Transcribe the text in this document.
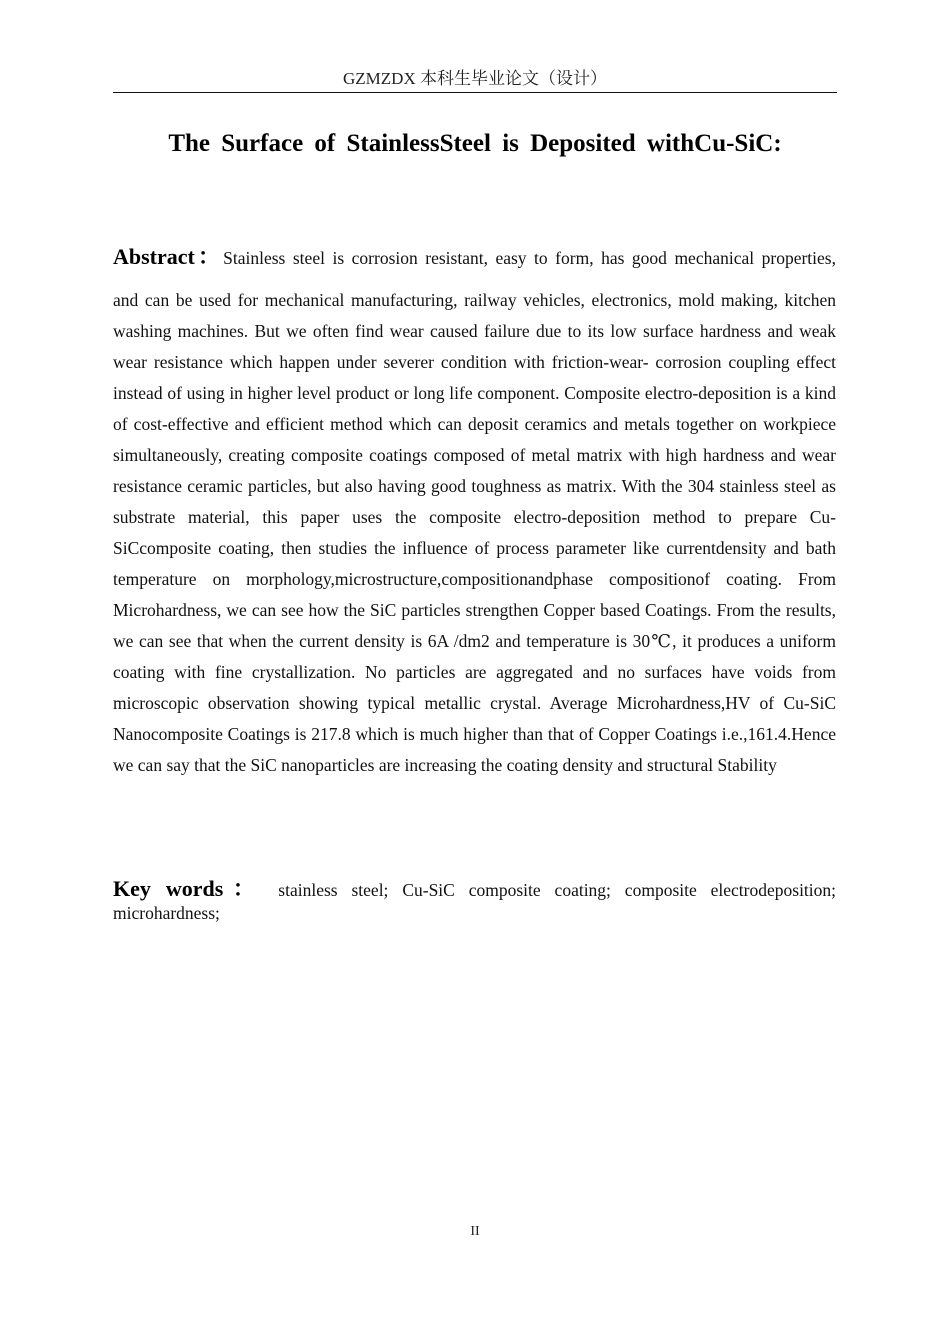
GZMZDX 本科生毕业论文（设计）
The Surface of StainlessSteel is Deposited withCu-SiC:
Abstract：Stainless steel is corrosion resistant, easy to form, has good mechanical properties,
and can be used for mechanical manufacturing, railway vehicles, electronics, mold making, kitchen washing machines. But we often find wear caused failure due to its low surface hardness and weak wear resistance which happen under severer condition with friction-wear- corrosion coupling effect instead of using in higher level product or long life component. Composite electro-deposition is a kind of cost-effective and efficient method which can deposit ceramics and metals together on workpiece simultaneously, creating composite coatings composed of metal matrix with high hardness and wear resistance ceramic particles, but also having good toughness as matrix. With the 304 stainless steel as substrate material, this paper uses the composite electro-deposition method to prepare Cu-SiCcomposite coating, then studies the influence of process parameter like currentdensity and bath temperature on morphology,microstructure,compositionandphase compositionof coating. From Microhardness, we can see how the SiC particles strengthen Copper based Coatings. From the results, we can see that when the current density is 6A /dm2 and temperature is 30℃, it produces a uniform coating with fine crystallization. No particles are aggregated and no surfaces have voids from microscopic observation showing typical metallic crystal. Average Microhardness,HV of Cu-SiC Nanocomposite Coatings is 217.8 which is much higher than that of Copper Coatings i.e.,161.4.Hence we can say that the SiC nanoparticles are increasing the coating density and structural Stability
Key words： stainless steel; Cu-SiC composite coating; composite electrodeposition; microhardness;
II
